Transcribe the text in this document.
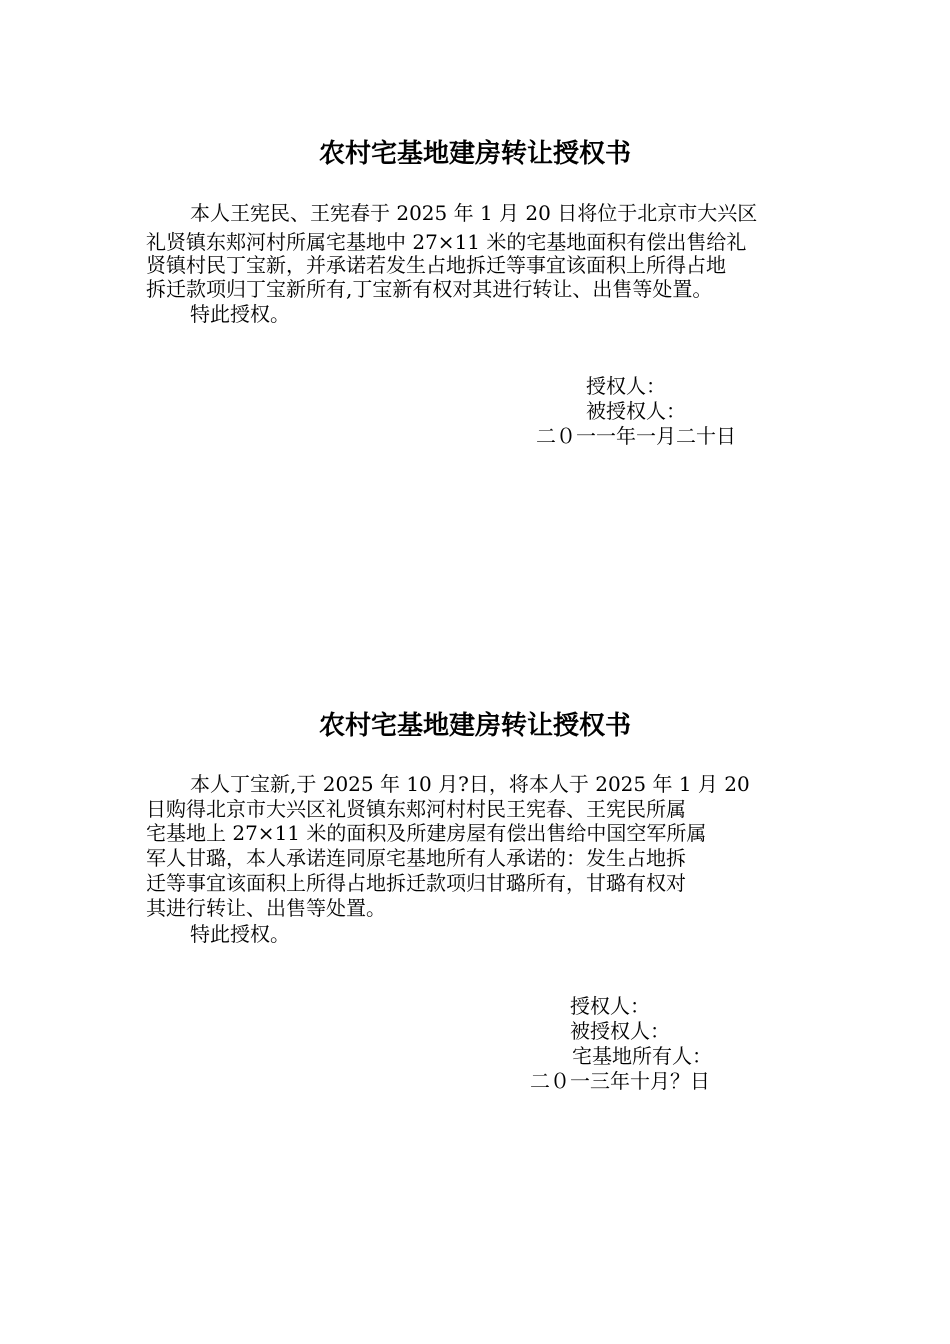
农村宅基地建房转让授权书
本人王宪民、王宪春于 2025 年 1 月 20 日将位于北京市大兴区
礼贤镇东郏河村所属宅基地中 27×11 米的宅基地面积有偿出售给礼
贤镇村民丁宝新，并承诺若发生占地拆迁等事宜该面积上所得占地
拆迁款项归丁宝新所有,丁宝新有权对其进行转让、出售等处置。
特此授权。
授权人：
被授权人：
二０一一年一月二十日
农村宅基地建房转让授权书
本人丁宝新,于 2025 年 10 月?日，将本人于 2025 年 1 月 20
日购得北京市大兴区礼贤镇东郏河村村民王宪春、王宪民所属
宅基地上 27×11 米的面积及所建房屋有偿出售给中国空军所属
军人甘璐，本人承诺连同原宅基地所有人承诺的：发生占地拆
迁等事宜该面积上所得占地拆迁款项归甘璐所有，甘璐有权对
其进行转让、出售等处置。
特此授权。
授权人：
被授权人：
宅基地所有人：
二０一三年十月？日
